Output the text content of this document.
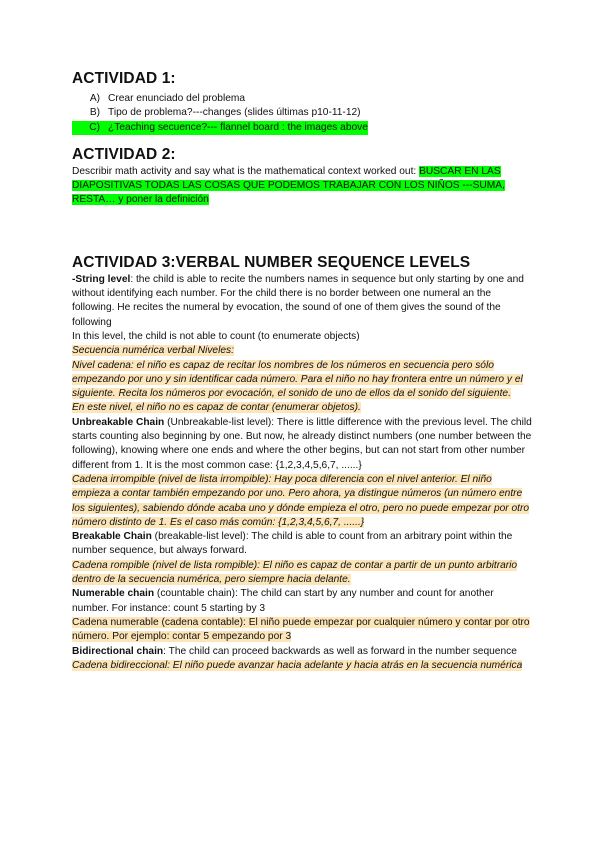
ACTIVIDAD 1:
A) Crear enunciado del problema
B) Tipo de problema?---changes (slides últimas p10-11-12)
C) ¿Teaching secuence?--- flannel board : the images above
ACTIVIDAD 2:

Describir math activity and say what is the mathematical context worked out: BUSCAR EN LAS DIAPOSITIVAS TODAS LAS COSAS QUE PODEMOS TRABAJAR CON LOS NIÑOS ---SUMA, RESTA… y poner la definición

ACTIVIDAD 3:VERBAL NUMBER SEQUENCE LEVELS

-String level: the child is able to recite the numbers names in sequence but only starting by one and without identifying each number. For the child there is no border between one numeral an the following. He recites the numeral by evocation, the sound of one of them gives the sound of the following

In this level, the child is not able to count (to enumerate objects)

Secuencia numérica verbal Niveles:

Nivel cadena: el niño es capaz de recitar los nombres de los números en secuencia pero sólo empezando por uno y sin identificar cada número. Para el niño no hay frontera entre un número y el siguiente. Recita los números por evocación, el sonido de uno de ellos da el sonido del siguiente.

En este nivel, el niño no es capaz de contar (enumerar objetos).

Unbreakable Chain (Unbreakable-list level): There is little difference with the previous level. The child starts counting also beginning by one. But now, he already distinct numbers (one number between the following), knowing where one ends and where the other begins, but can not start from other number different from 1. It is the most common case: {1,2,3,4,5,6,7, ......}

Cadena irrompible (nivel de lista irrompible): Hay poca diferencia con el nivel anterior. El niño empieza a contar también empezando por uno. Pero ahora, ya distingue números (un número entre los siguientes), sabiendo dónde acaba uno y dónde empieza el otro, pero no puede empezar por otro número distinto de 1. Es el caso más común: {1,2,3,4,5,6,7, ......}

Breakable Chain (breakable-list level): The child is able to count from an arbitrary point within the number sequence, but always forward.

Cadena rompible (nivel de lista rompible): El niño es capaz de contar a partir de un punto arbitrario dentro de la secuencia numérica, pero siempre hacia delante.

Numerable chain (countable chain): The child can start by any number and count for another number. For instance: count 5 starting by 3

Cadena numerable (cadena contable): El niño puede empezar por cualquier número y contar por otro número. Por ejemplo: contar 5 empezando por 3

Bidirectional chain: The child can proceed backwards as well as forward in the number sequence

Cadena bidireccional: El niño puede avanzar hacia adelante y hacia atrás en la secuencia numérica
